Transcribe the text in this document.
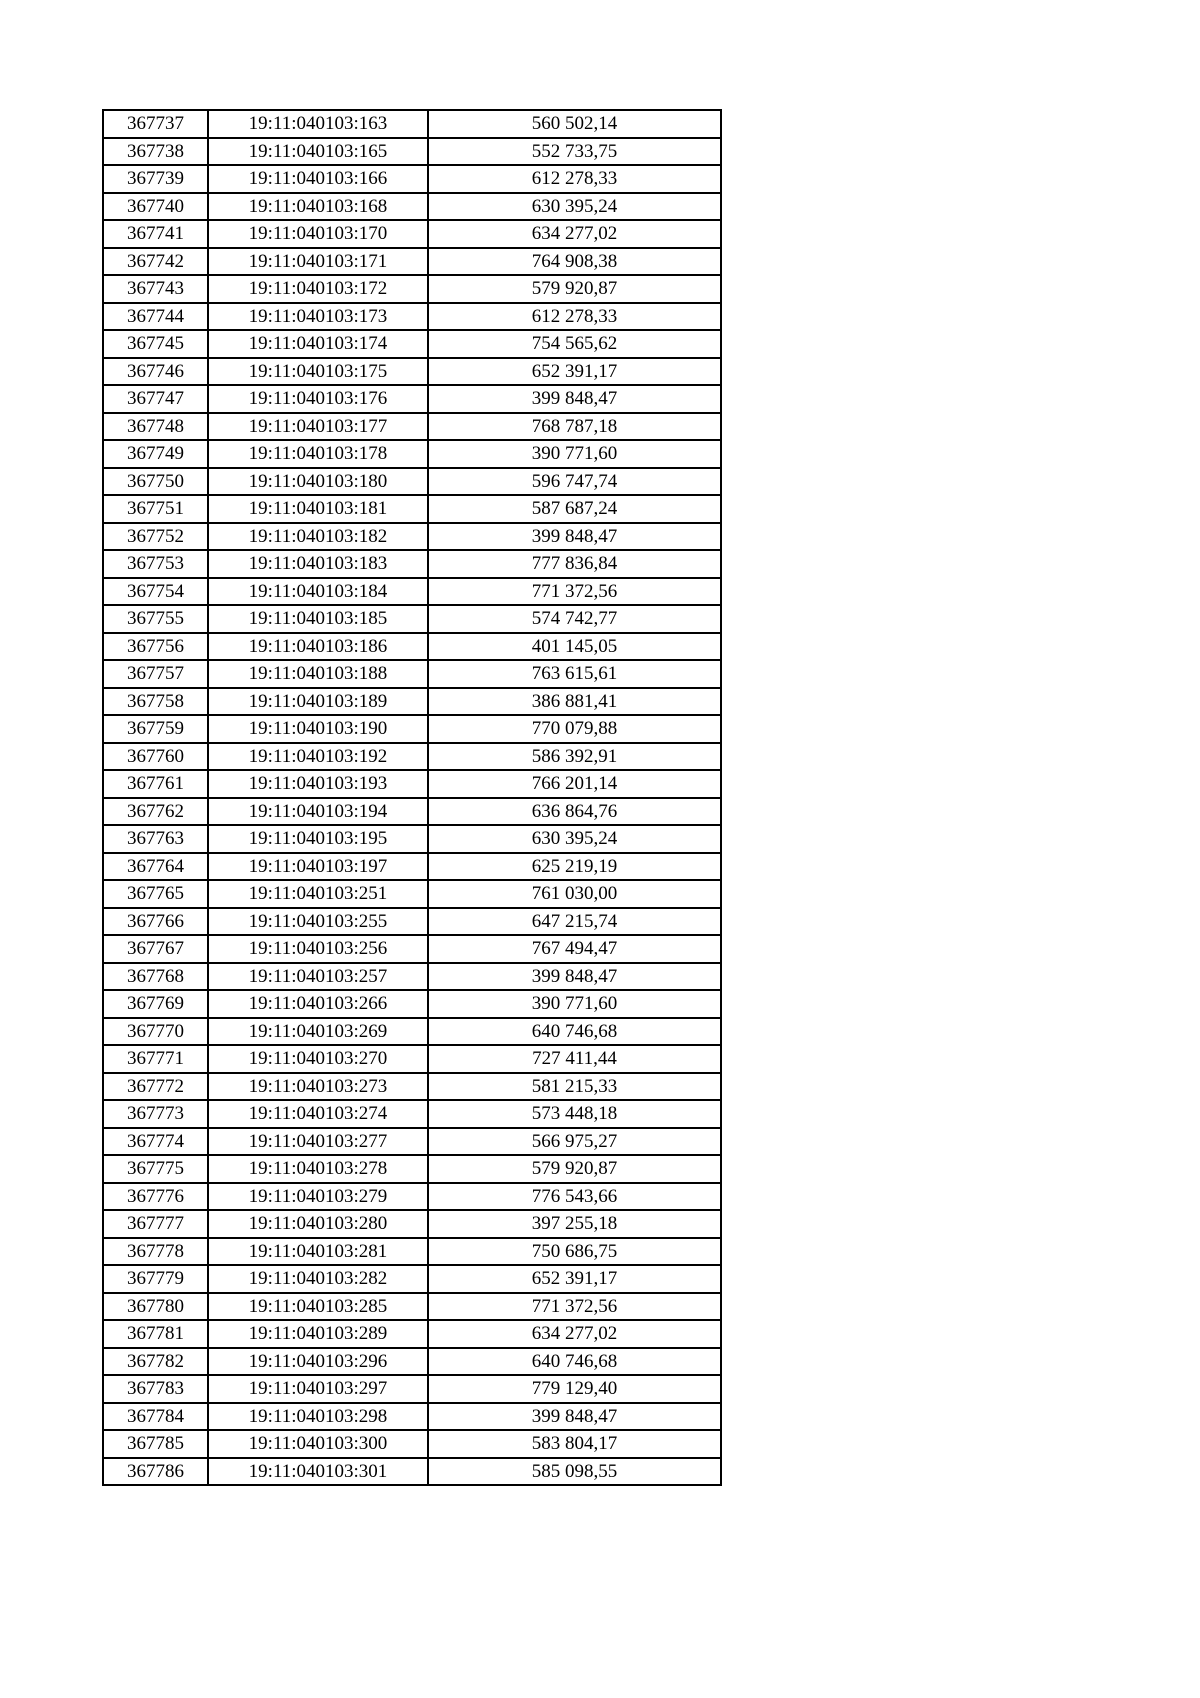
367737	19:11:040103:163	560 502,14
367738	19:11:040103:165	552 733,75
367739	19:11:040103:166	612 278,33
367740	19:11:040103:168	630 395,24
367741	19:11:040103:170	634 277,02
367742	19:11:040103:171	764 908,38
367743	19:11:040103:172	579 920,87
367744	19:11:040103:173	612 278,33
367745	19:11:040103:174	754 565,62
367746	19:11:040103:175	652 391,17
367747	19:11:040103:176	399 848,47
367748	19:11:040103:177	768 787,18
367749	19:11:040103:178	390 771,60
367750	19:11:040103:180	596 747,74
367751	19:11:040103:181	587 687,24
367752	19:11:040103:182	399 848,47
367753	19:11:040103:183	777 836,84
367754	19:11:040103:184	771 372,56
367755	19:11:040103:185	574 742,77
367756	19:11:040103:186	401 145,05
367757	19:11:040103:188	763 615,61
367758	19:11:040103:189	386 881,41
367759	19:11:040103:190	770 079,88
367760	19:11:040103:192	586 392,91
367761	19:11:040103:193	766 201,14
367762	19:11:040103:194	636 864,76
367763	19:11:040103:195	630 395,24
367764	19:11:040103:197	625 219,19
367765	19:11:040103:251	761 030,00
367766	19:11:040103:255	647 215,74
367767	19:11:040103:256	767 494,47
367768	19:11:040103:257	399 848,47
367769	19:11:040103:266	390 771,60
367770	19:11:040103:269	640 746,68
367771	19:11:040103:270	727 411,44
367772	19:11:040103:273	581 215,33
367773	19:11:040103:274	573 448,18
367774	19:11:040103:277	566 975,27
367775	19:11:040103:278	579 920,87
367776	19:11:040103:279	776 543,66
367777	19:11:040103:280	397 255,18
367778	19:11:040103:281	750 686,75
367779	19:11:040103:282	652 391,17
367780	19:11:040103:285	771 372,56
367781	19:11:040103:289	634 277,02
367782	19:11:040103:296	640 746,68
367783	19:11:040103:297	779 129,40
367784	19:11:040103:298	399 848,47
367785	19:11:040103:300	583 804,17
367786	19:11:040103:301	585 098,55
